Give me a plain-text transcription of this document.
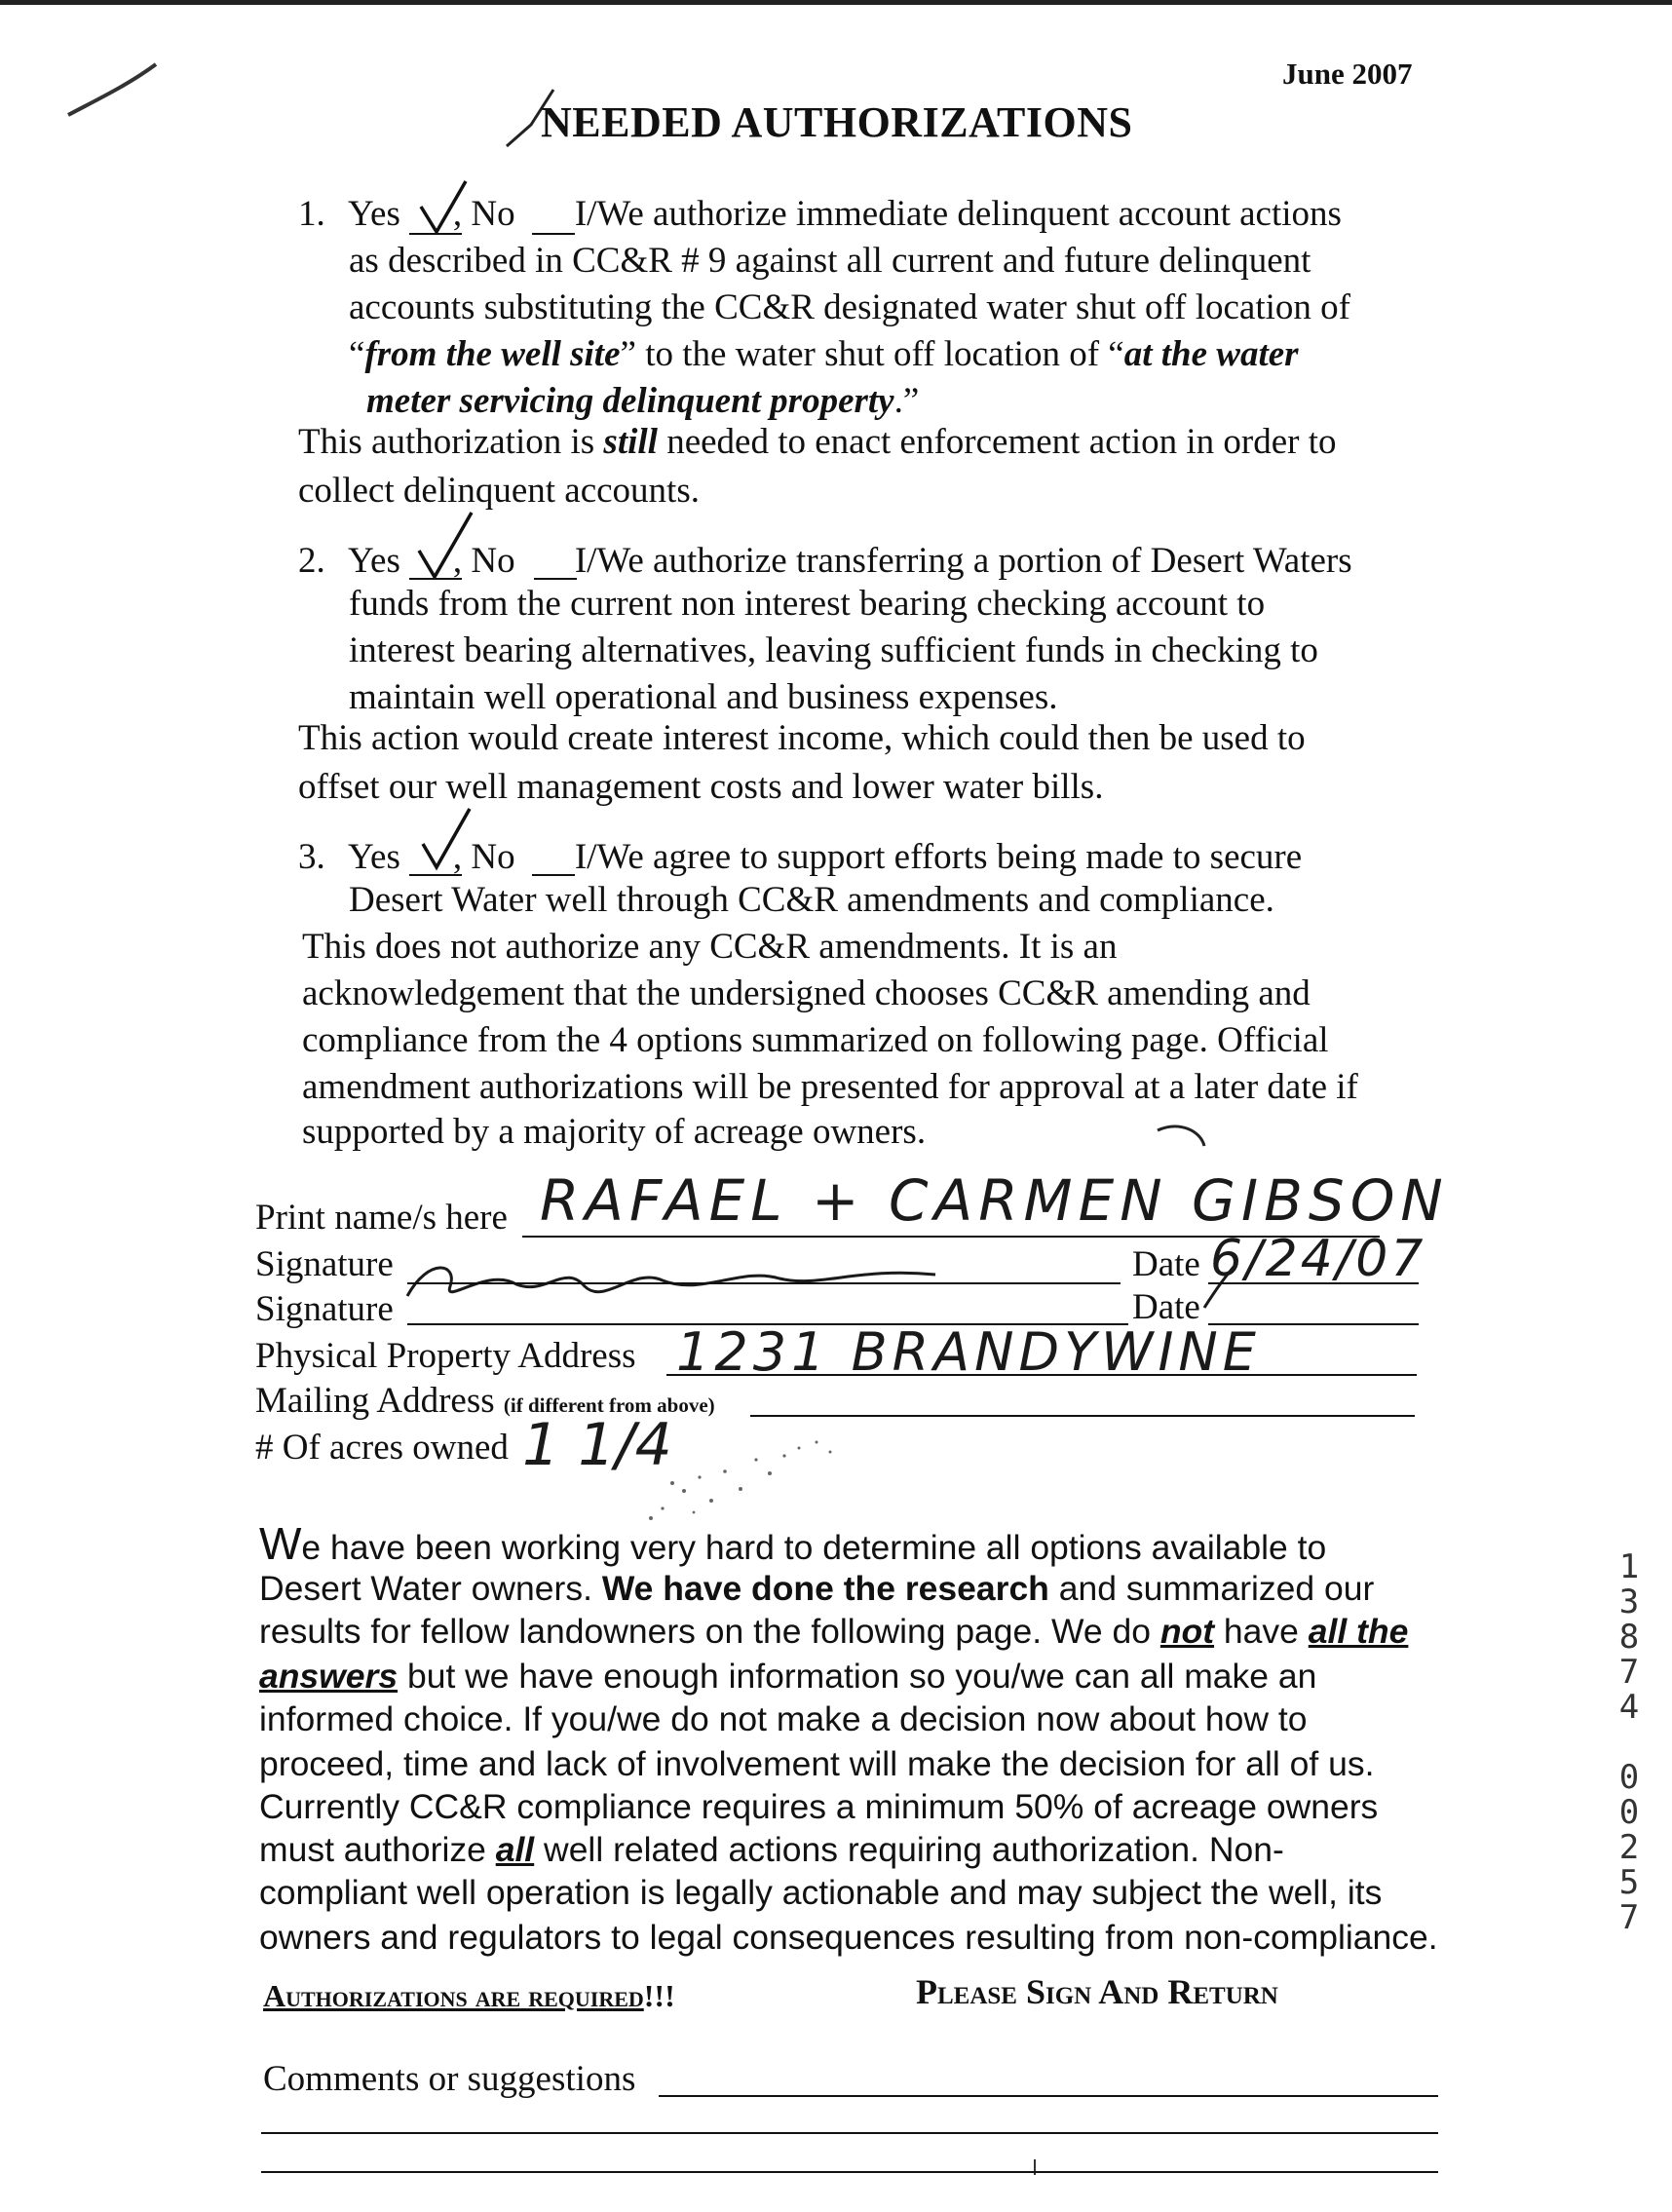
June 2007
NEEDED AUTHORIZATIONS
1. Yes , No I/We authorize immediate delinquent account actions
as described in CC&R # 9 against all current and future delinquent
accounts substituting the CC&R designated water shut off location of
“from the well site” to the water shut off location of “at the water
meter servicing delinquent property.”
This authorization is still needed to enact enforcement action in order to
collect delinquent accounts.
2. Yes , No I/We authorize transferring a portion of Desert Waters
funds from the current non interest bearing checking account to
interest bearing alternatives, leaving sufficient funds in checking to
maintain well operational and business expenses.
This action would create interest income, which could then be used to
offset our well management costs and lower water bills.
3. Yes , No I/We agree to support efforts being made to secure
Desert Water well through CC&R amendments and compliance.
This does not authorize any CC&R amendments. It is an
acknowledgement that the undersigned chooses CC&R amending and
compliance from the 4 options summarized on following page. Official
amendment authorizations will be presented for approval at a later date if
supported by a majority of acreage owners.
Print name/s here RAFAEL + CARMEN GIBSON
Signature	Date 6/24/07
Signature	Date
Physical Property Address 1231 BRANDYWINE
Mailing Address (if different from above)
# Of acres owned 1 1/4
We have been working very hard to determine all options available to
Desert Water owners. We have done the research and summarized our
results for fellow landowners on the following page. We do not have all the
answers but we have enough information so you/we can all make an
informed choice. If you/we do not make a decision now about how to
proceed, time and lack of involvement will make the decision for all of us.
Currently CC&R compliance requires a minimum 50% of acreage owners
must authorize all well related actions requiring authorization. Non-
compliant well operation is legally actionable and may subject the well, its
owners and regulators to legal consequences resulting from non-compliance.
Authorizations are required!!!	Please Sign And Return
Comments or suggestions
1
3
8
7
4
0
0
2
5
7
